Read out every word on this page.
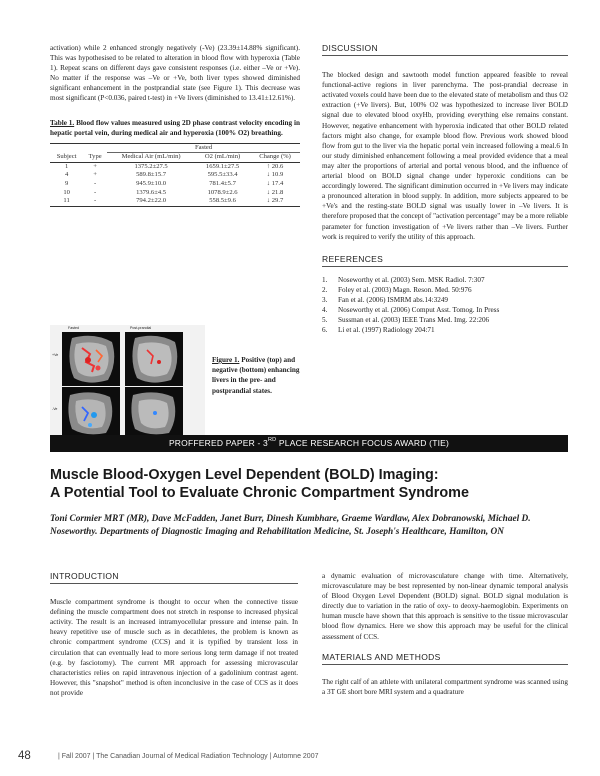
activation) while 2 enhanced strongly negatively (-Ve) (23.39±14.88% significant). This was hypothesised to be related to alteration in blood flow with hyperoxia (Table 1). Repeat scans on different days gave consistent responses (i.e. either –Ve or +Ve). No matter if the response was –Ve or +Ve, both liver types showed diminished significant enhancement in the postprandial state (see Figure 1). This decrease was most significant (P<0.036, paired t-test) in +Ve livers (diminished to 13.41±12.61%).

Table 1. Blood flow values measured using 2D phase contrast velocity encoding in hepatic portal vein, during medical air and hyperoxia (100% O2) breathing.
		Fasted		
Subject	Type	Medical Air (mL/min)	O2 (mL/min)	Change (%)
1	+	1375.2±27.5	1659.1±27.5	↑ 20.6
4	+	589.8±15.7	595.5±33.4	↓ 10.9
9	-	945.9±10.0	781.4±5.7	↓ 17.4
10	-	1379.6±4.5	1078.9±2.6	↓ 21.8
11	-	794.2±22.0	558.5±9.6	↓ 29.7
Fasted	Post-prandial
+Ve
-Ve
Figure 1. Positive (top) and negative (bottom) enhancing livers in the pre- and postprandial states.
DISCUSSION

The blocked design and sawtooth model function appeared feasible to reveal functional-active regions in liver parenchyma. The post-prandial decrease in activated voxels could have been due to the elevated state of metabolism and thus O2 extraction (+Ve livers). But, 100% O2 was hypothesized to increase liver BOLD signal due to elevated blood oxyHb, providing everything else remains constant. However, negative enhancement with hyperoxia indicated that other BOLD related factors might also change, for example blood flow. Previous work showed blood flow from gut to the liver via the hepatic portal vein increased following a meal.6 In our study diminished enhancement following a meal provided evidence that a meal may alter the proportions of arterial and portal venous blood, and the influence of arterial blood on BOLD signal change under hyperoxic conditions can be accordingly lowered. The significant diminution occurred in +Ve livers may indicate a pronounced alteration in blood supply. In addition, more subjects appeared to be +Ve's and the resting-state BOLD signal was usually lower in –Ve livers. It is therefore proposed that the concept of "activation percentage" may be a more reliable parameter for function investigation of +Ve livers rather than –Ve livers. Further work is required to verify the utility of this approach.

REFERENCES
1.	Noseworthy et al. (2003) Sem. MSK Radiol. 7:307
2.	Foley et al. (2003) Magn. Reson. Med. 50:976
3.	Fan et al. (2006) ISMRM abs.14:3249
4.	Noseworthy et al. (2006) Comput Asst. Tomog. In Press
5.	Sussman et al. (2003) IEEE Trans Med. Img. 22:206
6.	Li et al. (1997) Radiology 204:71
PROFFERED PAPER - 3RD PLACE RESEARCH FOCUS AWARD (TIE)
Muscle Blood-Oxygen Level Dependent (BOLD) Imaging:
A Potential Tool to Evaluate Chronic Compartment Syndrome
Toni Cormier MRT (MR), Dave McFadden, Janet Burr, Dinesh Kumbhare, Graeme Wardlaw, Alex Dobranowski, Michael D. Noseworthy. Departments of Diagnostic Imaging and Rehabilitation Medicine, St. Joseph's Healthcare, Hamilton, ON
INTRODUCTION

Muscle compartment syndrome is thought to occur when the connective tissue defining the muscle compartment does not stretch in response to increased physical activity. The result is an increased intramyocellular pressure and intense pain. In heavy repetitive use of muscle such as in decathletes, the problem is known as chronic compartment syndrome (CCS) and it is typified by transient loss in circulation that can eventually lead to more serious long term damage if not treated (e.g. by fasciotomy). The current MR approach for assessing microvascular characteristics relies on rapid intravenous injection of a gadolinium contrast agent. However, this "snapshot" method is often inconclusive in the case of CCS as it does not provide

a dynamic evaluation of microvasculature change with time. Alternatively, microvasculature may be best represented by non-linear dynamic temporal analysis of Blood Oxygen Level Dependent (BOLD) signal. BOLD signal modulation is directly due to variation in the ratio of oxy- to deoxy-haemoglobin. Experiments on human muscle have shown that this approach is sensitive to the tissue microvascular blood flow dynamics. Here we show this approach may be useful for the clinical assessment of CCS.

MATERIALS AND METHODS

The right calf of an athlete with unilateral compartment syndrome was scanned using a 3T GE short bore MRI system and a quadrature

48	| Fall 2007 | The Canadian Journal of Medical Radiation Technology | Automne 2007
